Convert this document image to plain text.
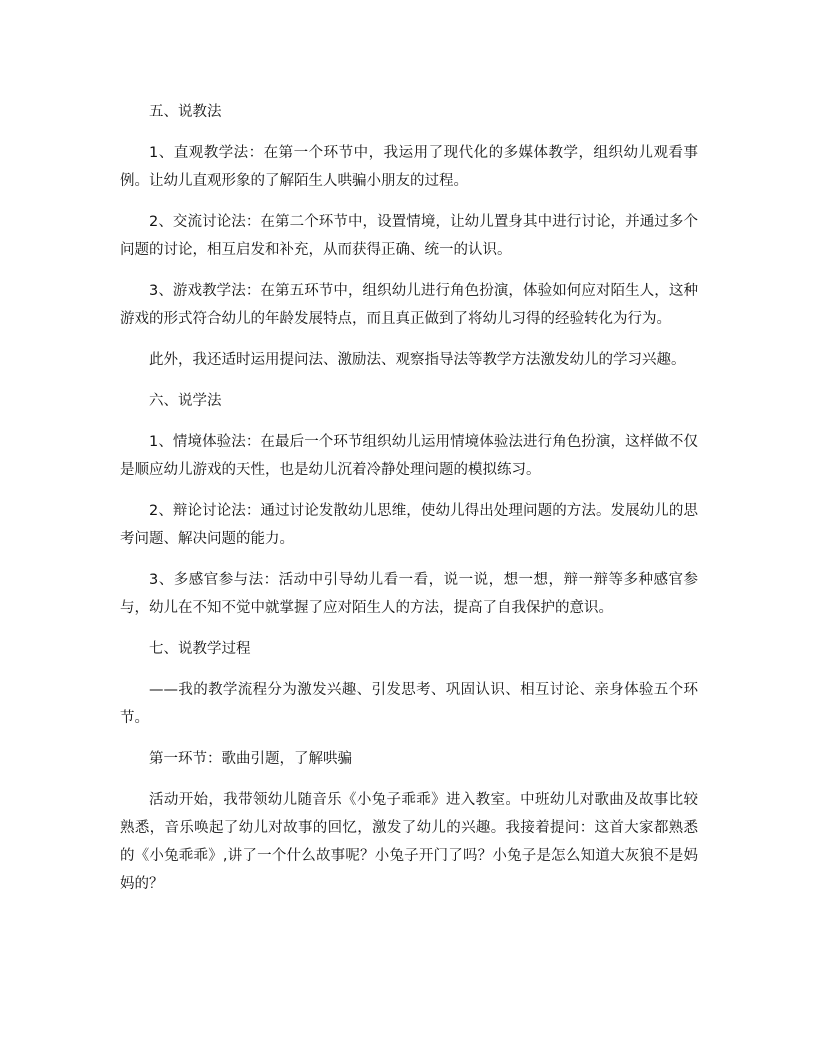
五、说教法

1、直观教学法：在第一个环节中，我运用了现代化的多媒体教学，组织幼儿观看事例。让幼儿直观形象的了解陌生人哄骗小朋友的过程。

2、交流讨论法：在第二个环节中，设置情境，让幼儿置身其中进行讨论，并通过多个问题的讨论，相互启发和补充，从而获得正确、统一的认识。

3、游戏教学法：在第五环节中，组织幼儿进行角色扮演，体验如何应对陌生人，这种游戏的形式符合幼儿的年龄发展特点，而且真正做到了将幼儿习得的经验转化为行为。

此外，我还适时运用提问法、激励法、观察指导法等教学方法激发幼儿的学习兴趣。

六、说学法

1、情境体验法：在最后一个环节组织幼儿运用情境体验法进行角色扮演，这样做不仅是顺应幼儿游戏的天性，也是幼儿沉着冷静处理问题的模拟练习。

2、辩论讨论法：通过讨论发散幼儿思维，使幼儿得出处理问题的方法。发展幼儿的思考问题、解决问题的能力。

3、多感官参与法：活动中引导幼儿看一看，说一说，想一想，辩一辩等多种感官参与，幼儿在不知不觉中就掌握了应对陌生人的方法，提高了自我保护的意识。

七、说教学过程

——我的教学流程分为激发兴趣、引发思考、巩固认识、相互讨论、亲身体验五个环节。

第一环节：歌曲引题，了解哄骗

活动开始，我带领幼儿随音乐《小兔子乖乖》进入教室。中班幼儿对歌曲及故事比较熟悉，音乐唤起了幼儿对故事的回忆，激发了幼儿的兴趣。我接着提问：这首大家都熟悉的《小兔乖乖》,讲了一个什么故事呢？小兔子开门了吗？小兔子是怎么知道大灰狼不是妈妈的？
